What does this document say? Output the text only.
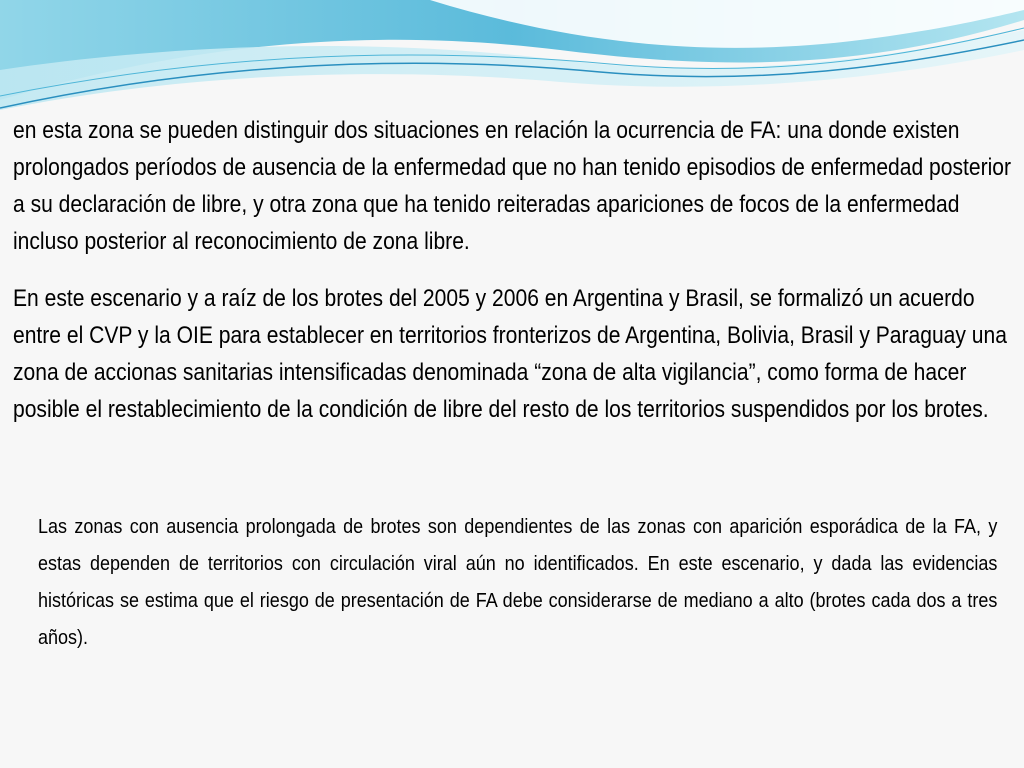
en esta zona se pueden distinguir dos situaciones en relación la ocurrencia de FA: una donde existen prolongados períodos de ausencia de la enfermedad que no han tenido episodios de enfermedad posterior a su declaración de libre, y otra zona que ha tenido reiteradas apariciones de focos de la enfermedad incluso posterior al reconocimiento de zona libre.

En este escenario y a raíz de los brotes del 2005 y 2006 en Argentina y Brasil, se formalizó un acuerdo entre el CVP y la OIE para establecer en territorios fronterizos de Argentina, Bolivia, Brasil y Paraguay una zona de accionas sanitarias intensificadas denominada “zona de alta vigilancia”, como forma de hacer posible el restablecimiento de la condición de libre del resto de los territorios suspendidos por los brotes.

Las zonas con ausencia prolongada de brotes son dependientes de las zonas con aparición esporádica de la FA, y estas dependen de territorios con circulación viral aún no identificados. En este escenario, y dada las evidencias históricas se estima que el riesgo de presentación de FA debe considerarse de mediano a alto (brotes cada dos a tres años).
